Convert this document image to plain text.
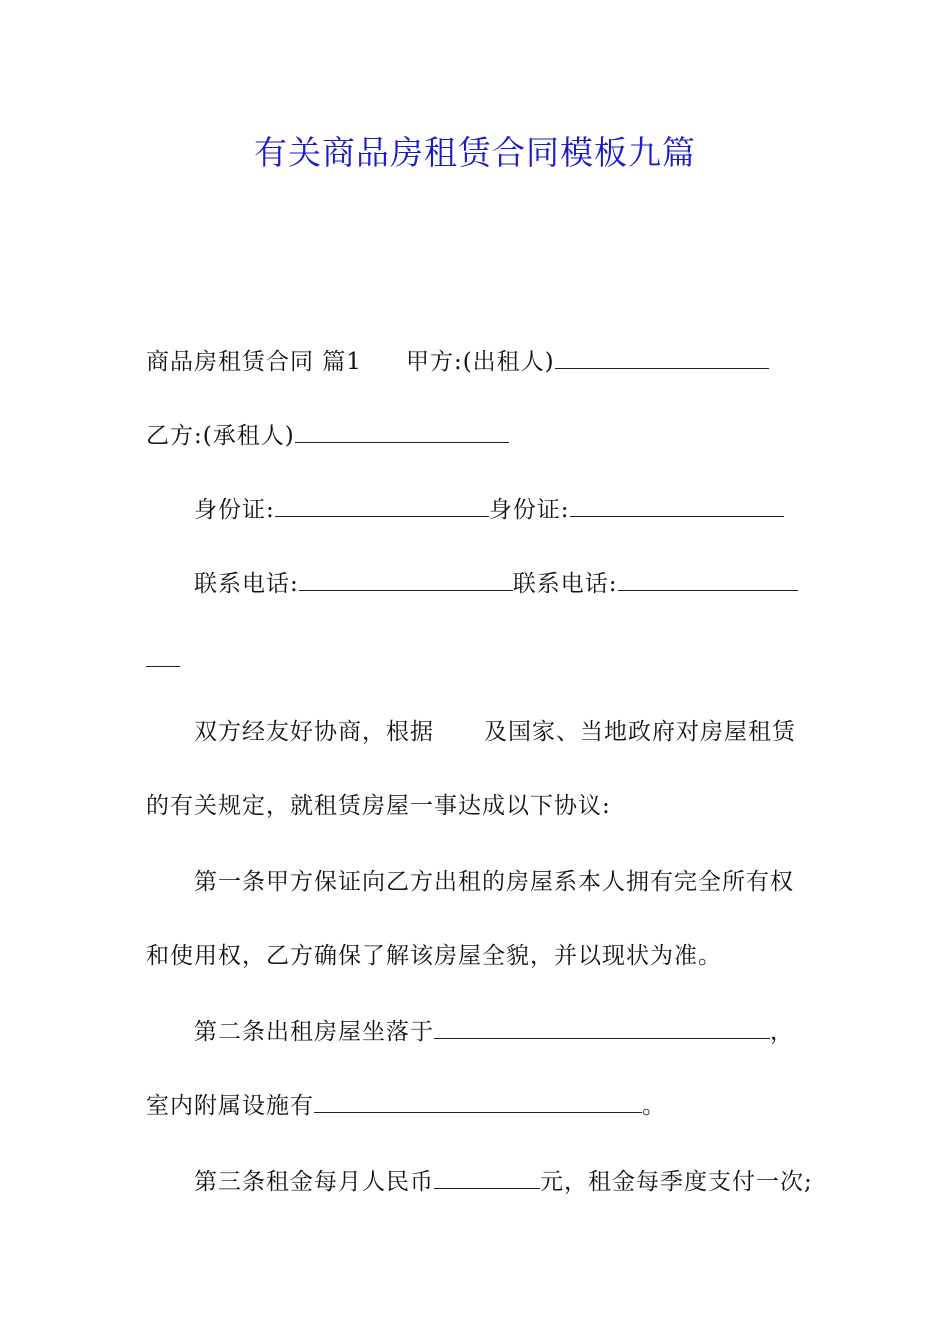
有关商品房租赁合同模板九篇
商品房租赁合同 篇1 甲方:(出租人)
乙方:(承租人)
身份证:	身份证:
联系电话:	联系电话:
双方经友好协商，根据 及国家、当地政府对房屋租赁
的有关规定，就租赁房屋一事达成以下协议:
第一条甲方保证向乙方出租的房屋系本人拥有完全所有权
和使用权，乙方确保了解该房屋全貌，并以现状为准。
第二条出租房屋坐落于	，
室内附属设施有	。
第三条租金每月人民币	元，租金每季度支付一次;
